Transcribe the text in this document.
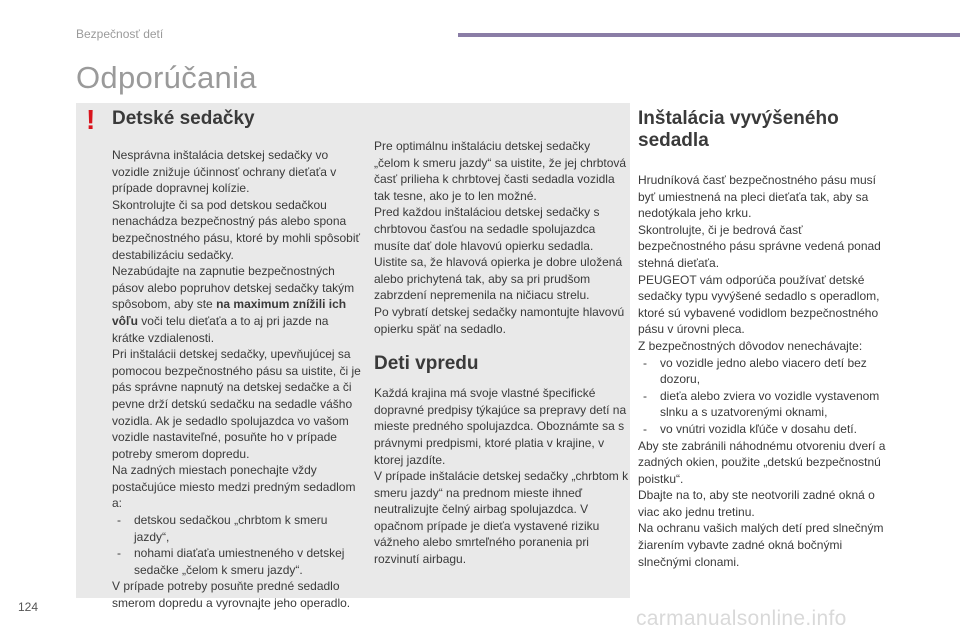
Bezpečnosť detí
Odporúčania
! Detské sedačky

Nesprávna inštalácia detskej sedačky vo vozidle znižuje účinnosť ochrany dieťaťa v prípade dopravnej kolízie.

Skontrolujte či sa pod detskou sedačkou nenachádza bezpečnostný pás alebo spona bezpečnostného pásu, ktoré by mohli spôsobiť destabilizáciu sedačky.

Nezabúdajte na zapnutie bezpečnostných pásov alebo popruhov detskej sedačky takým spôsobom, aby ste na maximum znížili ich vôľu voči telu dieťaťa a to aj pri jazde na krátke vzdialenosti.

Pri inštalácii detskej sedačky, upevňujúcej sa pomocou bezpečnostného pásu sa uistite, či je pás správne napnutý na detskej sedačke a či pevne drží detskú sedačku na sedadle vášho vozidla. Ak je sedadlo spolujazdca vo vašom vozidle nastaviteľné, posuňte ho v prípade potreby smerom dopredu.

Na zadných miestach ponechajte vždy postačujúce miesto medzi predným sedadlom a:

- detskou sedačkou „chrbtom k smeru jazdy“,
- nohami diaťaťa umiestneného v detskej sedačke „čelom k smeru jazdy“.

V prípade potreby posuňte predné sedadlo smerom dopredu a vyrovnajte jeho operadlo.

Pre optimálnu inštaláciu detskej sedačky „čelom k smeru jazdy“ sa uistite, že jej chrbtová časť prilieha k chrbtovej časti sedadla vozidla tak tesne, ako je to len možné.

Pred každou inštaláciou detskej sedačky s chrbtovou časťou na sedadle spolujazdca musíte dať dole hlavovú opierku sedadla.

Uistite sa, že hlavová opierka je dobre uložená alebo prichytená tak, aby sa pri prudšom zabrzdení nepremenila na ničiacu strelu.

Po vybratí detskej sedačky namontujte hlavovú opierku späť na sedadlo.

Deti vpredu

Každá krajina má svoje vlastné špecifické dopravné predpisy týkajúce sa prepravy detí na mieste predného spolujazdca. Oboznámte sa s právnymi predpismi, ktoré platia v krajine, v ktorej jazdíte.

V prípade inštalácie detskej sedačky „chrbtom k smeru jazdy“ na prednom mieste ihneď neutralizujte čelný airbag spolujazdca. V opačnom prípade je dieťa vystavené riziku vážneho alebo smrteľného poranenia pri rozvinutí airbagu.

Inštalácia vyvýšeného sedadla

Hrudníková časť bezpečnostného pásu musí byť umiestnená na pleci dieťaťa tak, aby sa nedotýkala jeho krku.

Skontrolujte, či je bedrová časť bezpečnostného pásu správne vedená ponad stehná dieťaťa.

PEUGEOT vám odporúča používať detské sedačky typu vyvýšené sedadlo s operadlom, ktoré sú vybavené vodidlom bezpečnostného pásu v úrovni pleca.

Z bezpečnostných dôvodov nenechávajte:

- vo vozidle jedno alebo viacero detí bez dozoru,
- dieťa alebo zviera vo vozidle vystavenom slnku a s uzatvorenými oknami,
- vo vnútri vozidla kľúče v dosahu detí.

Aby ste zabránili náhodnému otvoreniu dverí a zadných okien, použite „detskú bezpečnostnú poistku“.

Dbajte na to, aby ste neotvorili zadné okná o viac ako jednu tretinu.

Na ochranu vašich malých detí pred slnečným žiarením vybavte zadné okná bočnými slnečnými clonami.

124	carmanualsonline.info
